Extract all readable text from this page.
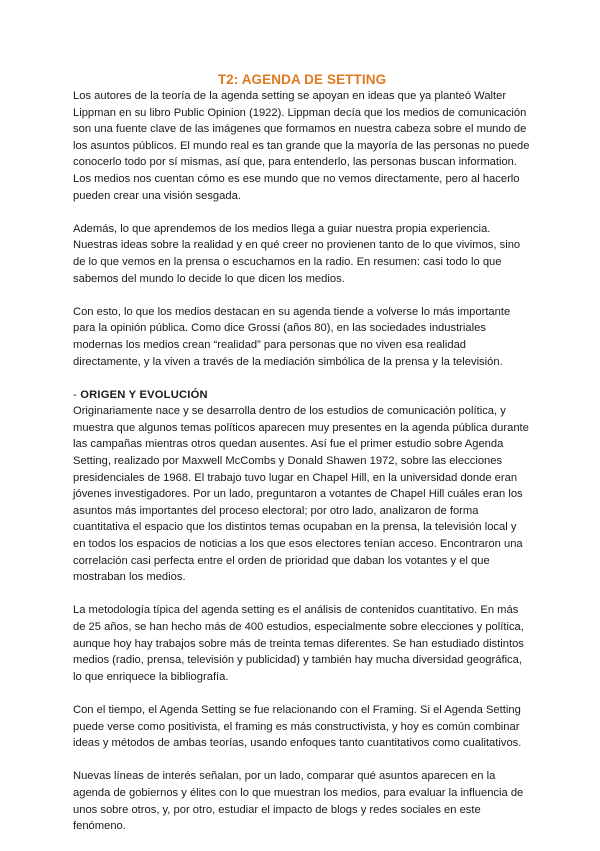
T2: AGENDA DE SETTING

Los autores de la teoría de la agenda setting se apoyan en ideas que ya planteó Walter Lippman en su libro Public Opinion (1922). Lippman decía que los medios de comunicación son una fuente clave de las imágenes que formamos en nuestra cabeza sobre el mundo de los asuntos públicos. El mundo real es tan grande que la mayoría de las personas no puede conocerlo todo por sí mismas, así que, para entenderlo, las personas buscan information. Los medios nos cuentan cómo es ese mundo que no vemos directamente, pero al hacerlo pueden crear una visión sesgada.

Además, lo que aprendemos de los medios llega a guiar nuestra propia experiencia. Nuestras ideas sobre la realidad y en qué creer no provienen tanto de lo que vivimos, sino de lo que vemos en la prensa o escuchamos en la radio. En resumen: casi todo lo que sabemos del mundo lo decide lo que dicen los medios.

Con esto, lo que los medios destacan en su agenda tiende a volverse lo más importante para la opinión pública. Como dice Grossi (años 80), en las sociedades industriales modernas los medios crean “realidad” para personas que no viven esa realidad directamente, y la viven a través de la mediación simbólica de la prensa y la televisión.

- ORIGEN Y EVOLUCIÓN

Originariamente nace y se desarrolla dentro de los estudios de comunicación política, y muestra que algunos temas políticos aparecen muy presentes en la agenda pública durante las campañas mientras otros quedan ausentes. Así fue el primer estudio sobre Agenda Setting, realizado por Maxwell McCombs y Donald Shawen 1972, sobre las elecciones presidenciales de 1968. El trabajo tuvo lugar en Chapel Hill, en la universidad donde eran jóvenes investigadores. Por un lado, preguntaron a votantes de Chapel Hill cuáles eran los asuntos más importantes del proceso electoral; por otro lado, analizaron de forma cuantitativa el espacio que los distintos temas ocupaban en la prensa, la televisión local y en todos los espacios de noticias a los que esos electores tenían acceso. Encontraron una correlación casi perfecta entre el orden de prioridad que daban los votantes y el que mostraban los medios.

La metodología típica del agenda setting es el análisis de contenidos cuantitativo. En más de 25 años, se han hecho más de 400 estudios, especialmente sobre elecciones y política, aunque hoy hay trabajos sobre más de treinta temas diferentes. Se han estudiado distintos medios (radio, prensa, televisión y publicidad) y también hay mucha diversidad geográfica, lo que enriquece la bibliografía.

Con el tiempo, el Agenda Setting se fue relacionando con el Framing. Si el Agenda Setting puede verse como positivista, el framing es más constructivista, y hoy es común combinar ideas y métodos de ambas teorías, usando enfoques tanto cuantitativos como cualitativos.

Nuevas líneas de interés señalan, por un lado, comparar qué asuntos aparecen en la agenda de gobiernos y élites con lo que muestran los medios, para evaluar la influencia de unos sobre otros, y, por otro, estudiar el impacto de blogs y redes sociales en este fenómeno.
